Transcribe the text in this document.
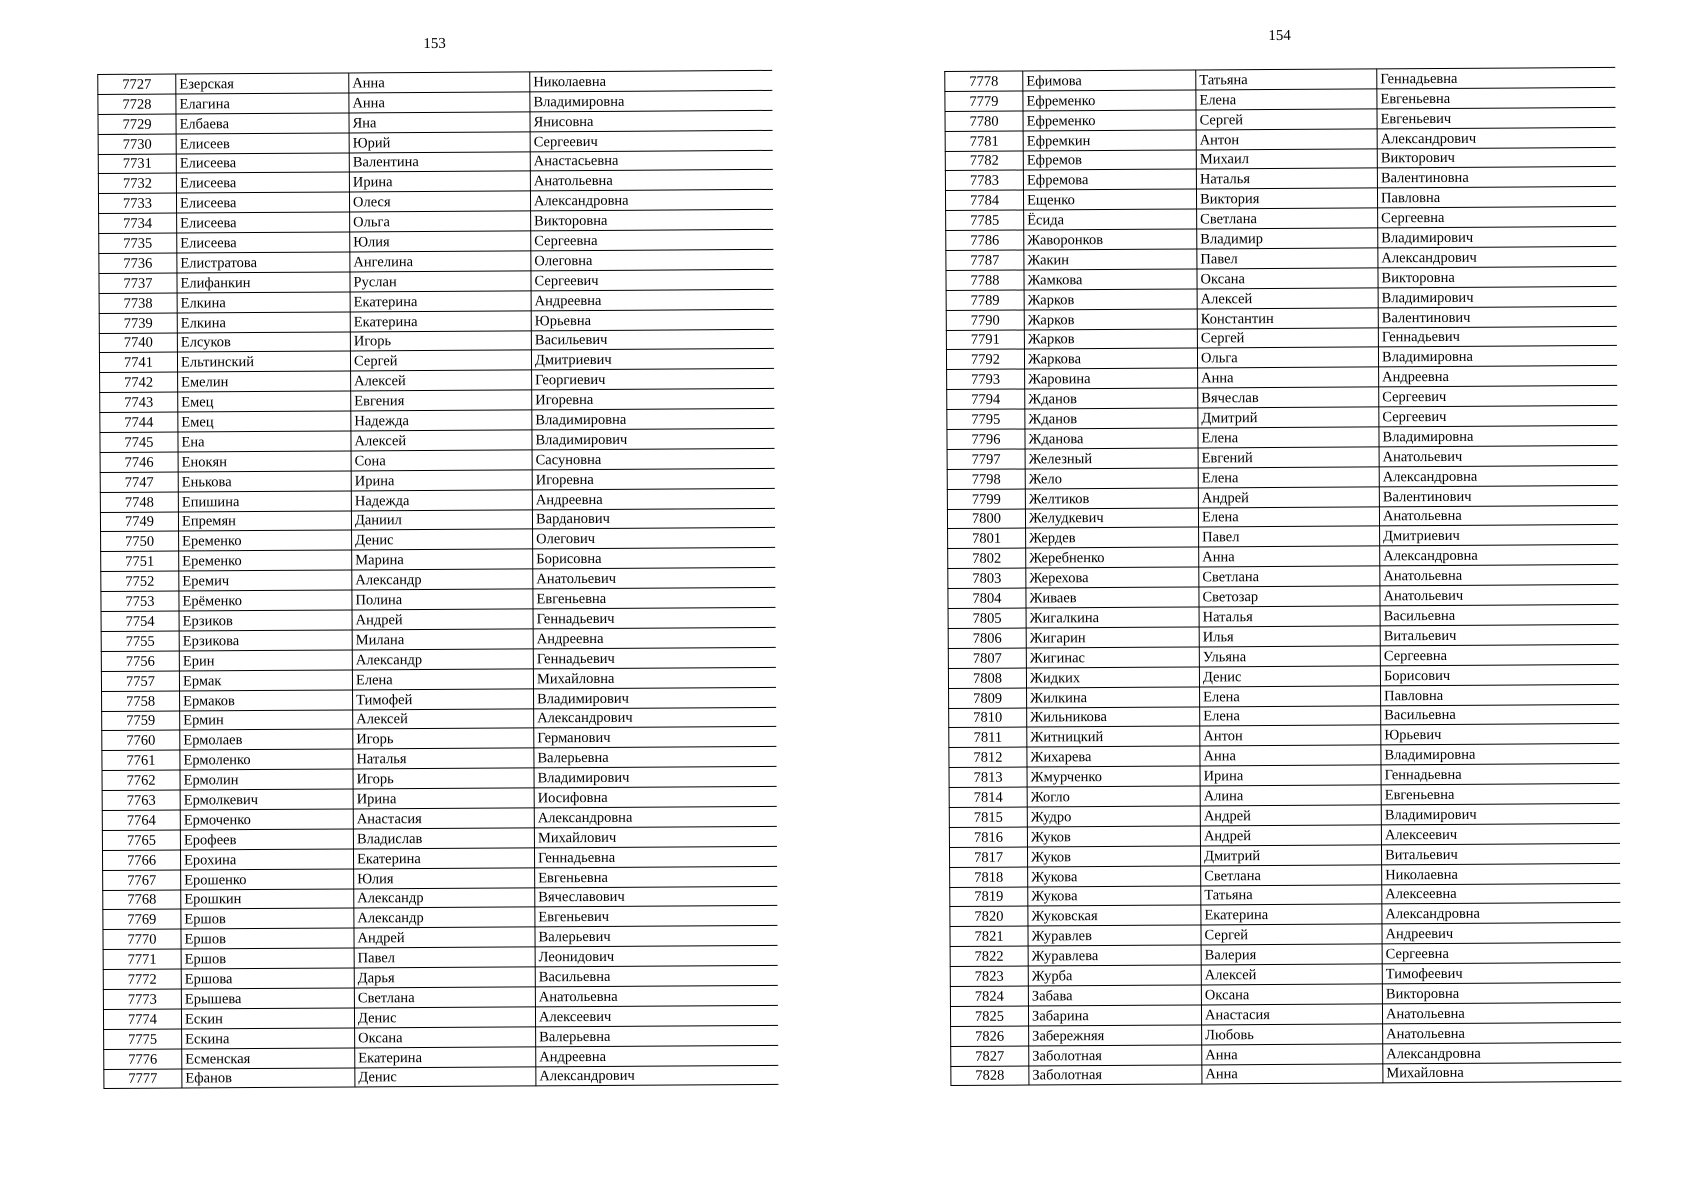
153
7727	Езерская	Анна	Николаевна
7728	Елагина	Анна	Владимировна
7729	Елбаева	Яна	Янисовна
7730	Елисеев	Юрий	Сергеевич
7731	Елисеева	Валентина	Анастасьевна
7732	Елисеева	Ирина	Анатольевна
7733	Елисеева	Олеся	Александровна
7734	Елисеева	Ольга	Викторовна
7735	Елисеева	Юлия	Сергеевна
7736	Елистратова	Ангелина	Олеговна
7737	Елифанкин	Руслан	Сергеевич
7738	Елкина	Екатерина	Андреевна
7739	Елкина	Екатерина	Юрьевна
7740	Елсуков	Игорь	Васильевич
7741	Ельтинский	Сергей	Дмитриевич
7742	Емелин	Алексей	Георгиевич
7743	Емец	Евгения	Игоревна
7744	Емец	Надежда	Владимировна
7745	Ена	Алексей	Владимирович
7746	Енокян	Сона	Сасуновна
7747	Енькова	Ирина	Игоревна
7748	Епишина	Надежда	Андреевна
7749	Епремян	Даниил	Варданович
7750	Еременко	Денис	Олегович
7751	Еременко	Марина	Борисовна
7752	Еремич	Александр	Анатольевич
7753	Ерёменко	Полина	Евгеньевна
7754	Ерзиков	Андрей	Геннадьевич
7755	Ерзикова	Милана	Андреевна
7756	Ерин	Александр	Геннадьевич
7757	Ермак	Елена	Михайловна
7758	Ермаков	Тимофей	Владимирович
7759	Ермин	Алексей	Александрович
7760	Ермолаев	Игорь	Германович
7761	Ермоленко	Наталья	Валерьевна
7762	Ермолин	Игорь	Владимирович
7763	Ермолкевич	Ирина	Иосифовна
7764	Ермоченко	Анастасия	Александровна
7765	Ерофеев	Владислав	Михайлович
7766	Ерохина	Екатерина	Геннадьевна
7767	Ерошенко	Юлия	Евгеньевна
7768	Ерошкин	Александр	Вячеславович
7769	Ершов	Александр	Евгеньевич
7770	Ершов	Андрей	Валерьевич
7771	Ершов	Павел	Леонидович
7772	Ершова	Дарья	Васильевна
7773	Ерышева	Светлана	Анатольевна
7774	Ескин	Денис	Алексеевич
7775	Ескина	Оксана	Валерьевна
7776	Есменская	Екатерина	Андреевна
7777	Ефанов	Денис	Александрович
154
7778	Ефимова	Татьяна	Геннадьевна
7779	Ефременко	Елена	Евгеньевна
7780	Ефременко	Сергей	Евгеньевич
7781	Ефремкин	Антон	Александрович
7782	Ефремов	Михаил	Викторович
7783	Ефремова	Наталья	Валентиновна
7784	Ещенко	Виктория	Павловна
7785	Ёсида	Светлана	Сергеевна
7786	Жаворонков	Владимир	Владимирович
7787	Жакин	Павел	Александрович
7788	Жамкова	Оксана	Викторовна
7789	Жарков	Алексей	Владимирович
7790	Жарков	Константин	Валентинович
7791	Жарков	Сергей	Геннадьевич
7792	Жаркова	Ольга	Владимировна
7793	Жаровина	Анна	Андреевна
7794	Жданов	Вячеслав	Сергеевич
7795	Жданов	Дмитрий	Сергеевич
7796	Жданова	Елена	Владимировна
7797	Железный	Евгений	Анатольевич
7798	Жело	Елена	Александровна
7799	Желтиков	Андрей	Валентинович
7800	Желудкевич	Елена	Анатольевна
7801	Жердев	Павел	Дмитриевич
7802	Жеребненко	Анна	Александровна
7803	Жерехова	Светлана	Анатольевна
7804	Живаев	Светозар	Анатольевич
7805	Жигалкина	Наталья	Васильевна
7806	Жигарин	Илья	Витальевич
7807	Жигинас	Ульяна	Сергеевна
7808	Жидких	Денис	Борисович
7809	Жилкина	Елена	Павловна
7810	Жильникова	Елена	Васильевна
7811	Житницкий	Антон	Юрьевич
7812	Жихарева	Анна	Владимировна
7813	Жмурченко	Ирина	Геннадьевна
7814	Жогло	Алина	Евгеньевна
7815	Жудро	Андрей	Владимирович
7816	Жуков	Андрей	Алексеевич
7817	Жуков	Дмитрий	Витальевич
7818	Жукова	Светлана	Николаевна
7819	Жукова	Татьяна	Алексеевна
7820	Жуковская	Екатерина	Александровна
7821	Журавлев	Сергей	Андреевич
7822	Журавлева	Валерия	Сергеевна
7823	Журба	Алексей	Тимофеевич
7824	Забава	Оксана	Викторовна
7825	Забарина	Анастасия	Анатольевна
7826	Забережняя	Любовь	Анатольевна
7827	Заболотная	Анна	Александровна
7828	Заболотная	Анна	Михайловна
